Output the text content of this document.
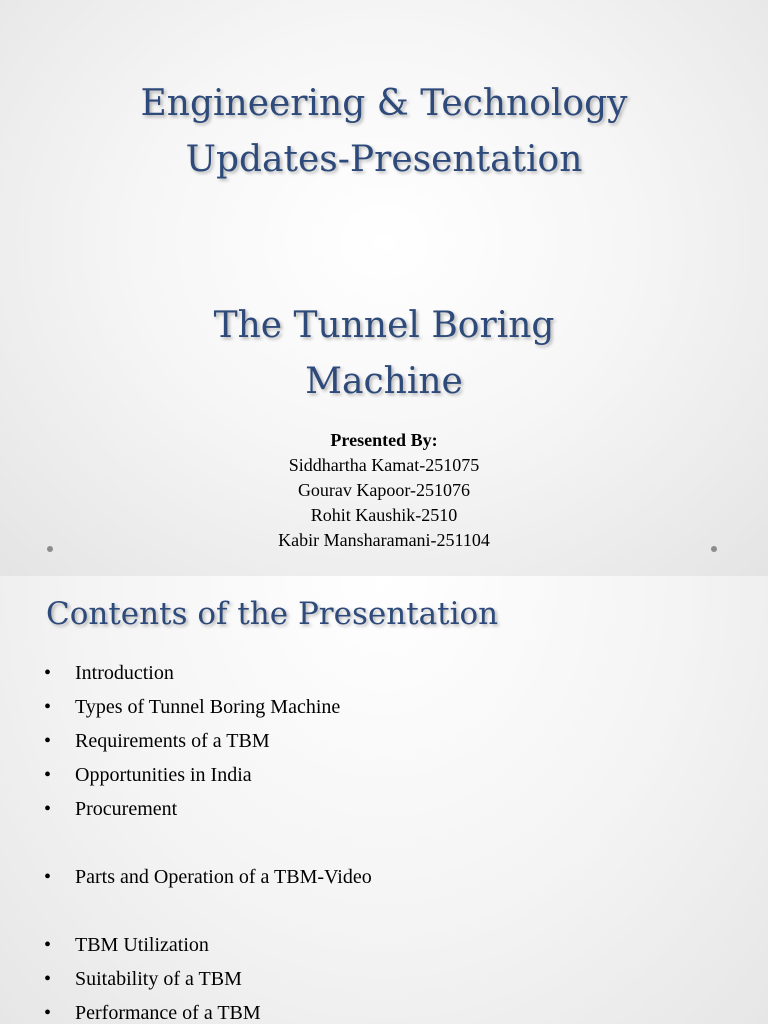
Engineering & Technology
Updates-Presentation
The Tunnel Boring
Machine
Presented By:
Siddhartha Kamat-251075
Gourav Kapoor-251076
Rohit Kaushik-2510
Kabir Mansharamani-251104
Contents of the Presentation
• Introduction
• Types of Tunnel Boring Machine
• Requirements of a TBM
• Opportunities in India
• Procurement
• Parts and Operation of a TBM-Video
• TBM Utilization
• Suitability of a TBM
• Performance of a TBM
